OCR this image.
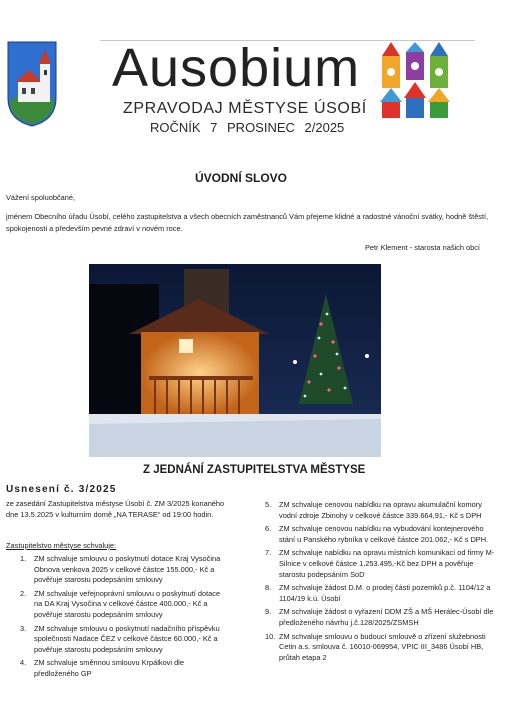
Ausobium
ZPRAVODAJ MĚSTYSE ÚSOBÍ
ROČNÍK 7 PROSINEC 2/2025
ÚVODNÍ SLOVO
Vážení spoluobčané,
jménem Obecního úřadu Úsobí, celého zastupitelstva a všech obecních zaměstnanců Vám přejeme klidné a radostné vánoční svátky, hodně štěstí, spokojenosti a především pevné zdraví v novém roce.
Petr Klement - starosta našich obcí
Z JEDNÁNÍ ZASTUPITELSTVA MĚSTYSE
Usnesení č. 3/2025
ze zasedání Zastupitelstva městyse Úsobí č. ZM 3/2025 konaného dne 13.5.2025 v kulturním domě „NA TERASE“ od 19:00 hodin.
Zastupitelstvo městyse schvaluje:
1. ZM schvaluje smlouvu o poskytnutí dotace Kraj Vysočina Obnova venkova 2025 v celkové částce 155.000,- Kč a pověřuje starostu podepsáním smlouvy
2. ZM schvaluje veřejnoprávní smlouvu o poskytnutí dotace na DA Kraj Vysočina v celkové částce 400.000,- Kč a pověřuje starostu podepsáním smlouvy
3. ZM schvaluje smlouvu o poskytnutí nadačního příspěvku společnosti Nadace ČEZ v celkové částce 60.000,- Kč a pověřuje starostu podepsáním smlouvy
4. ZM schvaluje směnnou smlouvu Krpálkovi dle předloženého GP
5. ZM schvaluje cenovou nabídku na opravu akumulační komory vodní zdroje Zbinohy v celkové částce 339.664,91,- Kč s DPH
6. ZM schvaluje cenovou nabídku na vybudování kontejnerového stání u Panského rybníka v celkové částce 201.062,- Kč s DPH.
7. ZM schvaluje nabídku na opravu místních komunikací od firmy M-Silnice v celkové částce 1.253.495,-Kč bez DPH a pověřuje starostu podepsáním SoD
8. ZM schvaluje žádost D.M. o prodej části pozemků p.č. 1104/12 a 1104/19 k.ú. Úsobí
9. ZM schvaluje žádost o vyřazení DDM ZŠ a MŠ Herálec-Úsobí dle předloženého návrhu j.č.128/2025/ZSMSH
10. ZM schvaluje smlouvu o budoucí smlouvě o zřízení služebnosti Cetin a.s. smlouva č. 16010-069954, VPIC III_3486 Úsobí HB, průtah etapa 2
